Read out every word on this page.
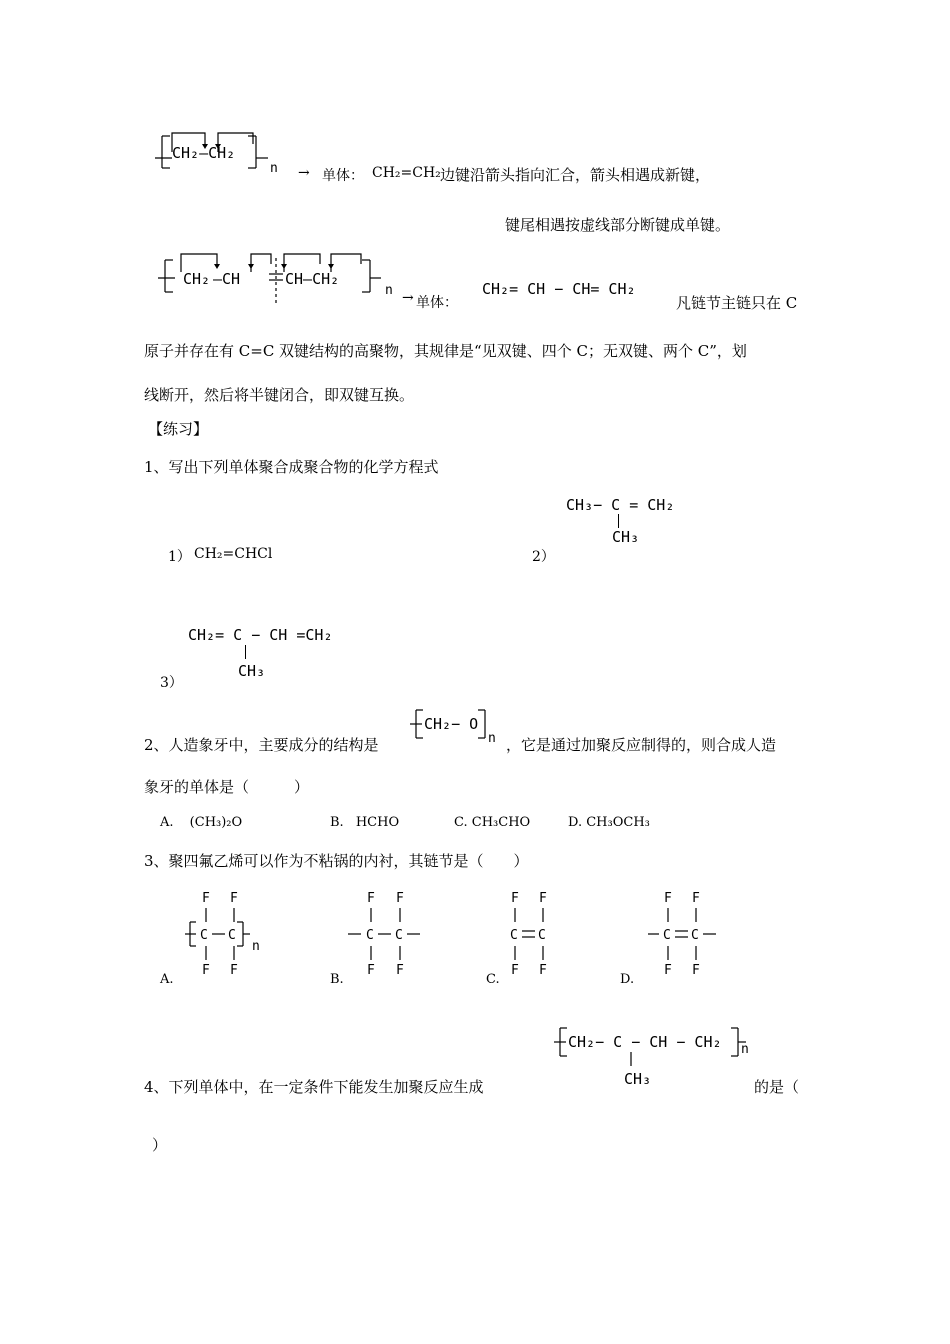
CH₂—CH₂
n → 单体： CH₂=CH₂ 边键沿箭头指向汇合，箭头相遇成新键，
键尾相遇按虚线部分断键成单键。
CH₂ —CH	CH—CH₂
n → 单体：
CH₂= CH − CH= CH₂
凡链节主链只在 C
原子并存在有 C=C 双键结构的高聚物，其规律是“见双键、四个 C；无双键、两个 C”，划
线断开，然后将半键闭合，即双键互换。
【练习】
1、写出下列单体聚合成聚合物的化学方程式
1） CH₂=CHCl	2）
CH₃− C = CH₂
CH₃
CH₂= C − CH =CH₂
CH₃
3）
2、人造象牙中，主要成分的结构是
CH₂− O
n ，它是通过加聚反应制得的，则合成人造
象牙的单体是（　　　）
A. (CH₃)₂O	B. HCHO	C. CH₃CHO	D. CH₃OCH₃
3、聚四氟乙烯可以作为不粘锅的内衬，其链节是（　　）
F F
C C
n
F F
A.
F F
C C
F F
B.
F F
C C
F F
C.
F F
C C
F F
D.
CH₂− C − CH − CH₂ n
CH₃
4、下列单体中，在一定条件下能发生加聚反应生成	的是（
）
